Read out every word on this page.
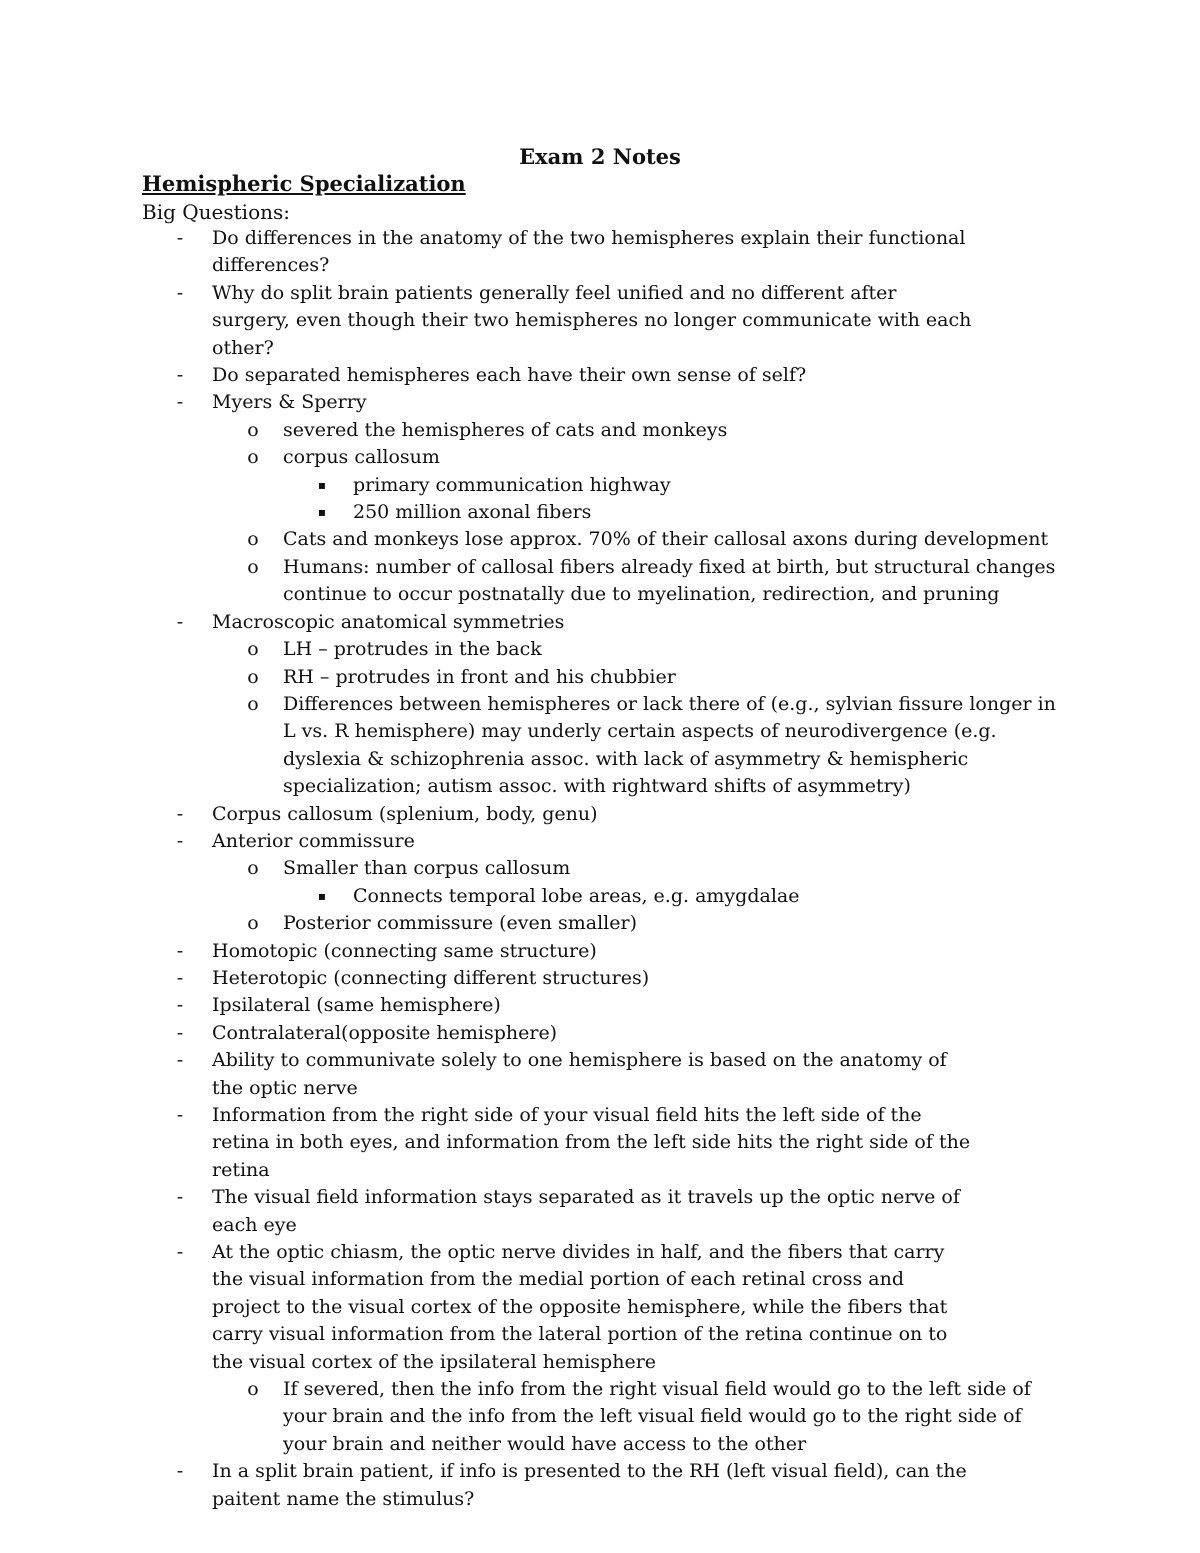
Exam 2 Notes
Hemispheric Specialization
Big Questions:
-	Do differences in the anatomy of the two hemispheres explain their functional differences?
-	Why do split brain patients generally feel unified and no different after surgery, even though their two hemispheres no longer communicate with each other?
-	Do separated hemispheres each have their own sense of self?
-	Myers & Sperry
o severed the hemispheres of cats and monkeys
o corpus callosum
▪	primary communication highway
▪	250 million axonal fibers
o Cats and monkeys lose approx. 70% of their callosal axons during development
o Humans: number of callosal fibers already fixed at birth, but structural changes continue to occur postnatally due to myelination, redirection, and pruning
-	Macroscopic anatomical symmetries
o LH – protrudes in the back
o RH – protrudes in front and his chubbier
o Differences between hemispheres or lack there of (e.g., sylvian fissure longer in L vs. R hemisphere) may underly certain aspects of neurodivergence (e.g. dyslexia & schizophrenia assoc. with lack of asymmetry & hemispheric specialization; autism assoc. with rightward shifts of asymmetry)
-	Corpus callosum (splenium, body, genu)
-	Anterior commissure
o Smaller than corpus callosum
▪	Connects temporal lobe areas, e.g. amygdalae
o Posterior commissure (even smaller)
-	Homotopic (connecting same structure)
-	Heterotopic (connecting different structures)
-	Ipsilateral (same hemisphere)
-	Contralateral(opposite hemisphere)
-	Ability to communivate solely to one hemisphere is based on the anatomy of the optic nerve
-	Information from the right side of your visual field hits the left side of the retina in both eyes, and information from the left side hits the right side of the retina
-	The visual field information stays separated as it travels up the optic nerve of each eye
-	At the optic chiasm, the optic nerve divides in half, and the fibers that carry the visual information from the medial portion of each retinal cross and project to the visual cortex of the opposite hemisphere, while the fibers that carry visual information from the lateral portion of the retina continue on to the visual cortex of the ipsilateral hemisphere
o If severed, then the info from the right visual field would go to the left side of your brain and the info from the left visual field would go to the right side of your brain and neither would have access to the other
-	In a split brain patient, if info is presented to the RH (left visual field), can the paitent name the stimulus?
